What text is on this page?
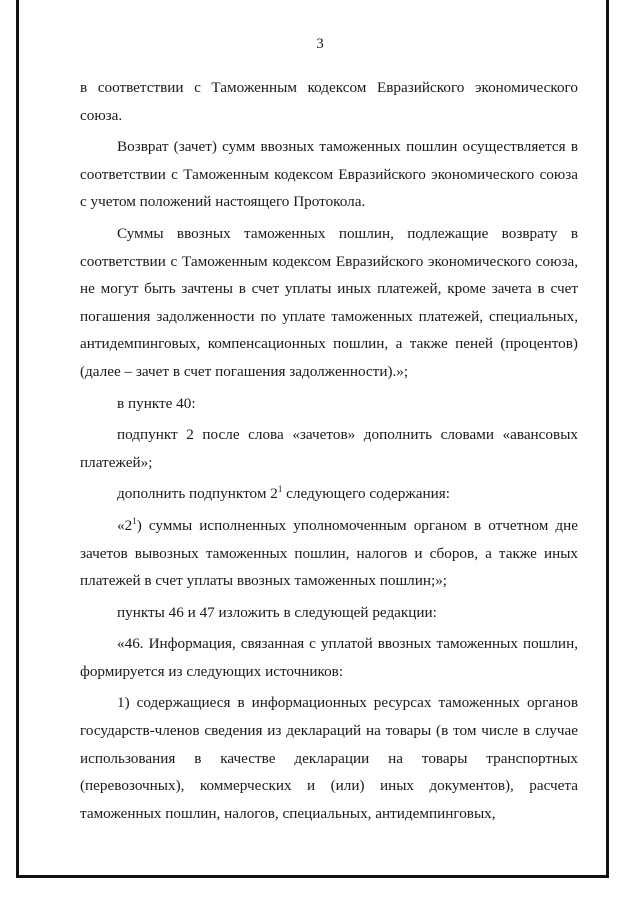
3

в соответствии с Таможенным кодексом Евразийского экономического союза.

Возврат (зачет) сумм ввозных таможенных пошлин осуществляется в соответствии с Таможенным кодексом Евразийского экономического союза с учетом положений настоящего Протокола.

Суммы ввозных таможенных пошлин, подлежащие возврату в соответствии с Таможенным кодексом Евразийского экономического союза, не могут быть зачтены в счет уплаты иных платежей, кроме зачета в счет погашения задолженности по уплате таможенных платежей, специальных, антидемпинговых, компенсационных пошлин, а также пеней (процентов) (далее – зачет в счет погашения задолженности).»;

в пункте 40:

подпункт 2 после слова «зачетов» дополнить словами «авансовых платежей»;

дополнить подпунктом $2^1$ следующего содержания:

«$2^1$) суммы исполненных уполномоченным органом в отчетном дне зачетов вывозных таможенных пошлин, налогов и сборов, а также иных платежей в счет уплаты ввозных таможенных пошлин;»;

пункты 46 и 47 изложить в следующей редакции:

«46. Информация, связанная с уплатой ввозных таможенных пошлин, формируется из следующих источников:

1) содержащиеся в информационных ресурсах таможенных органов государств-членов сведения из деклараций на товары (в том числе в случае использования в качестве декларации на товары транспортных (перевозочных), коммерческих и (или) иных документов), расчета таможенных пошлин, налогов, специальных, антидемпинговых,
